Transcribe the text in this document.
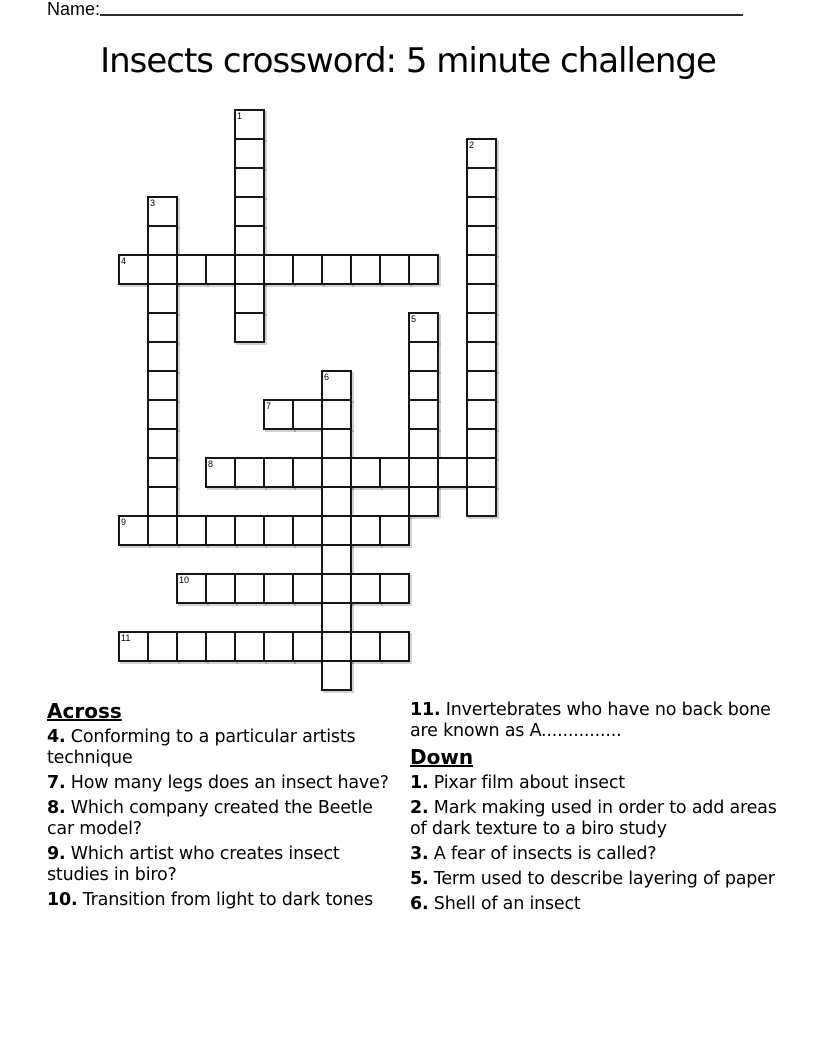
Name:
Insects crossword: 5 minute challenge
1
2
3
4
5
6
7
8
9
10
11
Across
4. Conforming to a particular artists technique
7. How many legs does an insect have?
8. Which company created the Beetle car model?
9. Which artist who creates insect studies in biro?
10. Transition from light to dark tones
11. Invertebrates who have no back bone are known as A...............
Down
1. Pixar film about insect
2. Mark making used in order to add areas of dark texture to a biro study
3. A fear of insects is called?
5. Term used to describe layering of paper
6. Shell of an insect
